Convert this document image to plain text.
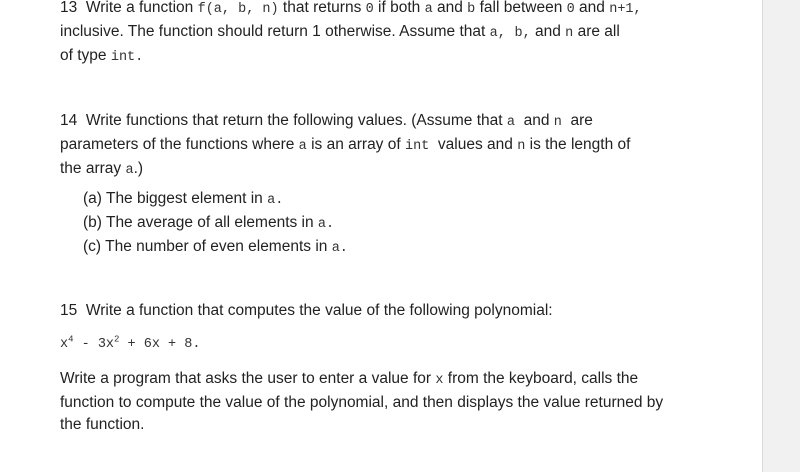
13 Write a function f(a, b, n) that returns 0 if both a and b fall between 0 and n+1,
inclusive. The function should return 1 otherwise. Assume that a, b, and n are all
of type int.
14 Write functions that return the following values. (Assume that a  and n  are
parameters of the functions where a is an array of int  values and n is the length of
the array a.)
(a) The biggest element in a.
(b) The average of all elements in a.
(c) The number of even elements in a.
15 Write a function that computes the value of the following polynomial:
$x^4 - 3x^2 + 6x + 8$.
Write a program that asks the user to enter a value for x from the keyboard, calls the
function to compute the value of the polynomial, and then displays the value returned by
the function.
